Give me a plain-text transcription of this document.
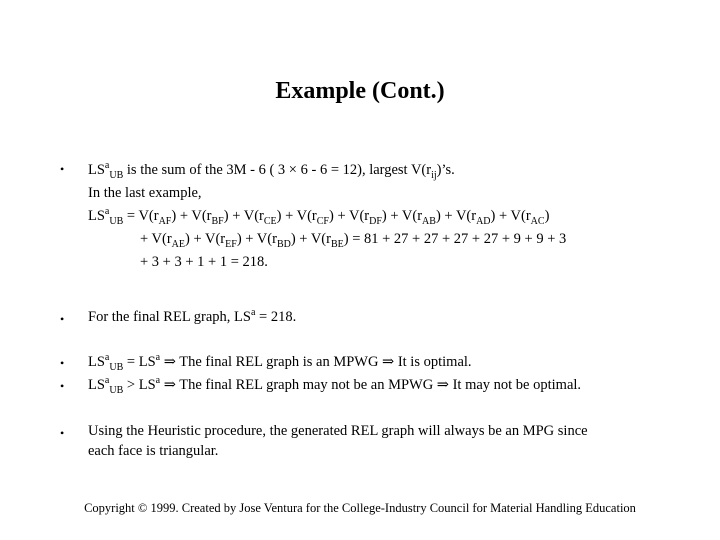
Example (Cont.)
• $LS^a_{UB}$ is the sum of the 3M - 6 ( 3 × 6 - 6 = 12), largest $V(r_{ij})’s$.
In the last example,
$LS^a_{UB} = V(r_{AF}) + V(r_{BF}) + V(r_{CE}) + V(r_{CF}) + V(r_{DF}) + V(r_{AB}) + V(r_{AD}) + V(r_{AC})$
+ $V(r_{AE}) + V(r_{EF}) + V(r_{BD}) + V(r_{BE}) = 81 + 27 + 27 + 27 + 27 + 9 + 9 + 3$
+ 3 + 3 + 1 + 1 = 218.
• For the final REL graph, $LS^a = 218$.
• $LS^a_{UB} = LS^a$ ⇒ The final REL graph is an MPWG ⇒ It is optimal.
• $LS^a_{UB} > LS^a$ ⇒ The final REL graph may not be an MPWG ⇒ It may not be optimal.
• Using the Heuristic procedure, the generated REL graph will always be an MPG since
each face is triangular.
Copyright © 1999. Created by Jose Ventura for the College-Industry Council for Material Handling Education
